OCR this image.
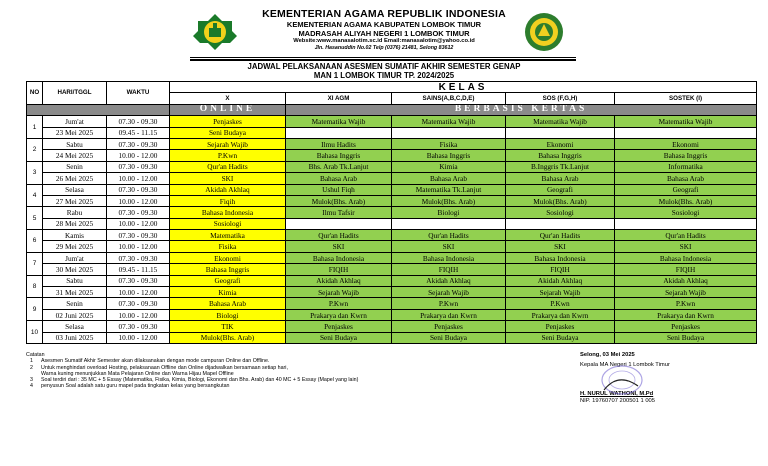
KEMENTERIAN AGAMA REPUBLIK INDONESIA
KEMENTERIAN AGAMA KABUPATEN LOMBOK TIMUR
MADRASAH ALIYAH NEGERI 1 LOMBOK TIMUR
Website:www.manasalotim.sc.id Email:manasalotim@yahoo.co.id
Jln. Hasanuddin No.02 Telp (0376) 21481, Selong 83612
JADWAL PELAKSANAAN ASESMEN SUMATIF AKHIR SEMESTER GENAP
MAN 1 LOMBOK TIMUR TP. 2024/2025
NO	HARI/TGGL	WAKTU	KELAS				
			X	XI AGM	SAINS(A,B,C,D,E)	SOS (F,G,H)	SOSTEK (I)
			ONLINE	BERBASIS KERTAS			
1	Jum'at	07.30 - 09.30	Penjaskes	Matematika Wajib	Matematika Wajib	Matematika Wajib	Matematika Wajib
	23 Mei 2025	09.45 - 11.15	Seni Budaya				
2	Sabtu	07.30 - 09.30	Sejarah Wajib	Ilmu Hadits	Fisika	Ekonomi	Ekonomi
	24 Mei 2025	10.00 - 12.00	P.Kwn	Bahasa Inggris	Bahasa Inggris	Bahasa Inggris	Bahasa Inggris
3	Senin	07.30 - 09.30	Qur'an Hadits	Bhs. Arab Tk.Lanjut	Kimia	B.Inggris Tk.Lanjut	Informatika
	26 Mei 2025	10.00 - 12.00	SKI	Bahasa Arab	Bahasa Arab	Bahasa Arab	Bahasa Arab
4	Selasa	07.30 - 09.30	Akidah Akhlaq	Ushul Fiqh	Matematika Tk.Lanjut	Geografi	Geografi
	27 Mei 2025	10.00 - 12.00	Fiqih	Mulok(Bhs. Arab)	Mulok(Bhs. Arab)	Mulok(Bhs. Arab)	Mulok(Bhs. Arab)
5	Rabu	07.30 - 09.30	Bahasa Indonesia	Ilmu Tafsir	Biologi	Sosiologi	Sosiologi
	28 Mei 2025	10.00 - 12.00	Sosiologi				
6	Kamis	07.30 - 09.30	Matematika	Qur'an Hadits	Qur'an Hadits	Qur'an Hadits	Qur'an Hadits
	29 Mei 2025	10.00 - 12.00	Fisika	SKI	SKI	SKI	SKI
7	Jum'at	07.30 - 09.30	Ekonomi	Bahasa Indonesia	Bahasa Indonesia	Bahasa Indonesia	Bahasa Indonesia
	30 Mei 2025	09.45 - 11.15	Bahasa Inggris	FIQIH	FIQIH	FIQIH	FIQIH
8	Sabtu	07.30 - 09.30	Geografi	Akidah Akhlaq	Akidah Akhlaq	Akidah Akhlaq	Akidah Akhlaq
	31 Mei 2025	10.00 - 12.00	Kimia	Sejarah Wajib	Sejarah Wajib	Sejarah Wajib	Sejarah Wajib
9	Senin	07.30 - 09.30	Bahasa Arab	P.Kwn	P.Kwn	P.Kwn	P.Kwn
	02 Juni 2025	10.00 - 12.00	Biologi	Prakarya dan Kwrn	Prakarya dan Kwrn	Prakarya dan Kwrn	Prakarya dan Kwrn
10	Selasa	07.30 - 09.30	TIK	Penjaskes	Penjaskes	Penjaskes	Penjaskes
	03 Juni 2025	10.00 - 12.00	Mulok(Bhs. Arab)	Seni Budaya	Seni Budaya	Seni Budaya	Seni Budaya
Catatan
1	Asesmen Sumatif Akhir Semester akan dilaksanakan dengan mode campuran Online dan Offline.
2	Untuk menghindari overload Hosting, pelaksanaan Offline dan Online dijadwalkan bersamaan setiap hari,
Warna kuning menunjukkan Mata Pelajaran Online dan Warna Hijau Mapel Offline
3	Soal terdiri dari : 35 MC + 5 Essay (Matematika, Fisika, Kimia, Biologi, Ekonomi dan Bhs. Arab) dan 40 MC + 5 Essay (Mapel yang lain)
4	penyusun Soal adalah satu guru mapel pada tingkatan kelas yang bersangkutan
Selong, 03 Mei 2025
Kepala MA Negeri 1 Lombok Timur
H. NURUL WATHONI, M.Pd
NIP. 19760707 200501 1 005
